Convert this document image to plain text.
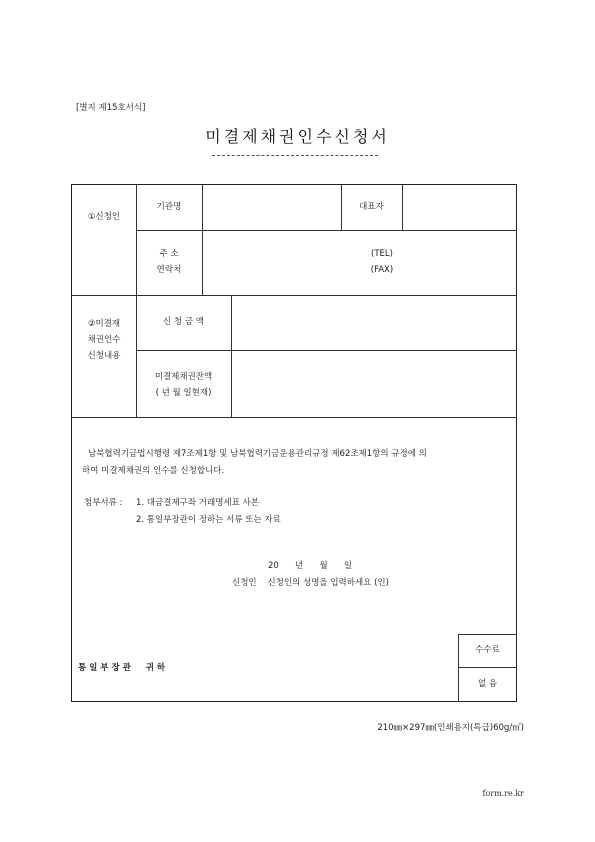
[별지 제15호서식]
미결제채권인수신청서
①신청인
기관명	대표자
주 소
연락처
(TEL)
(FAX)
②미결재
채권인수
신청내용
신 청 금 액
미결제채권잔액
( 년 월 일현재)
남북협력기금법시행령 제7조제1항 및 남북협력기금운용관리규정 제62조제1항의 규정에 의
하여 미결제채권의 인수를 신청합니다.
첨부서류 : 1. 대금결제구좌 거래명세표 사본
2. 통일부장관이 정하는 서류 또는 자료
20      년      월      일
신청인    신청인의 성명을 입력하세요 (인)
통 일 부 장 관     귀 하
수수료
없 음
210㎜×297㎜(인쇄용지(특급)60g/㎡)
form.re.kr
